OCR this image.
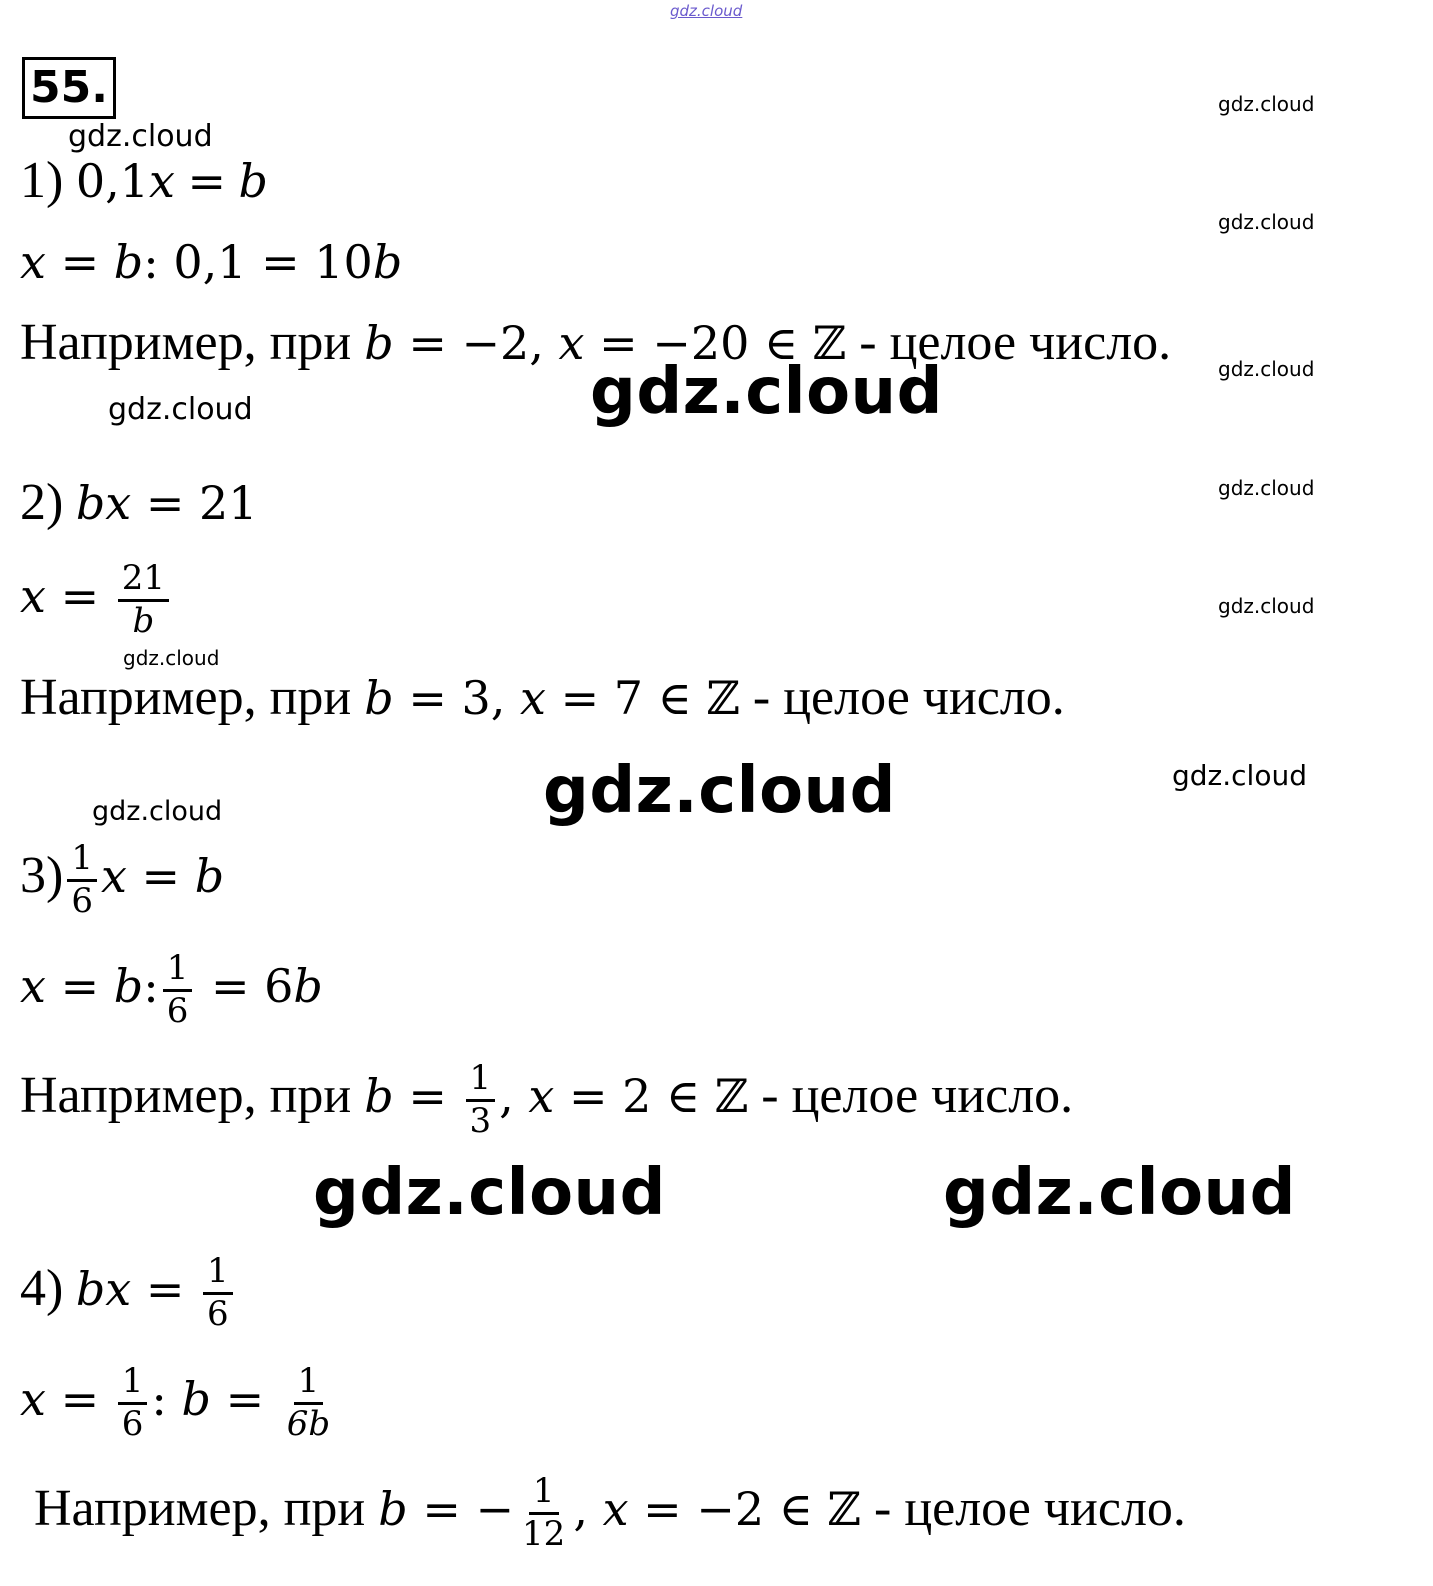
gdz.cloud
gdz.cloud
gdz.cloud
gdz.cloud
gdz.cloud
gdz.cloud
gdz.cloud
gdz.cloud
gdz.cloud
gdz.cloud
gdz.cloud
gdz.cloud
gdz.cloud
gdz.cloud	gdz.cloud
55.
1) 0,1x = b
x = b: 0,1 = 10b
Например, при b = −2, x = −20 ∈ ℤ - целое число.
2) bx = 21
$x = \frac{21}{b}$
Например, при b = 3, x = 7 ∈ ℤ - целое число.
$3) \frac{1}{6}$ x = b
x = b: $\frac{1}{6} = 6b$
Например, при $b = \frac{1}{3}$ , x = 2 ∈ ℤ - целое число.
4) bx = $\frac{1}{6}$
$x = \frac{1}{6}$ : $b = \frac{1}{6b}$
Например, при b = − $\frac{1}{12}$ , x = −2 ∈ ℤ - целое число.
